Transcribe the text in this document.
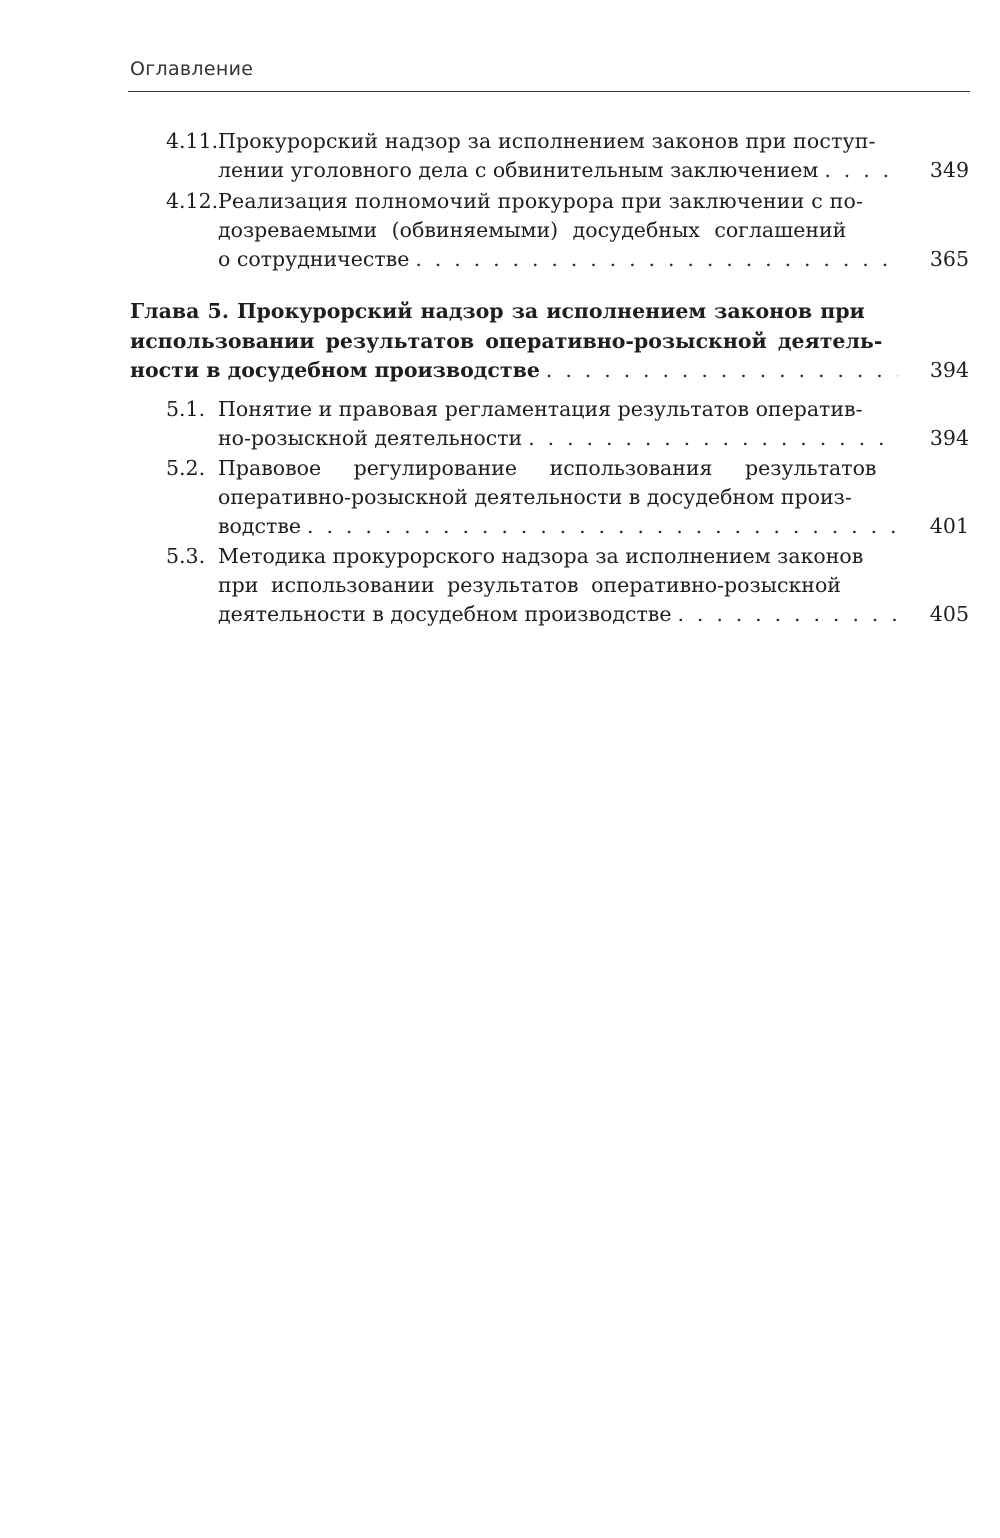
Оглавление
4.11. Прокурорский надзор за исполнением законов при поступ-
лении уголовного дела с обвинительным заключением . . .	349
4.12. Реализация полномочий прокурора при заключении с по-
дозреваемыми (обвиняемыми) досудебных соглашений
о сотрудничестве . . .	365
Глава 5. Прокурорский надзор за исполнением законов при
использовании результатов оперативно-розыскной деятель-
ности в досудебном производстве . . .	394
5.1. Понятие и правовая регламентация результатов оператив-
но-розыскной деятельности . . .	394
5.2. Правовое регулирование использования результатов
оперативно-розыскной деятельности в досудебном произ-
водстве . . .	401
5.3. Методика прокурорского надзора за исполнением законов
при использовании результатов оперативно-розыскной
деятельности в досудебном производстве . . .	405
